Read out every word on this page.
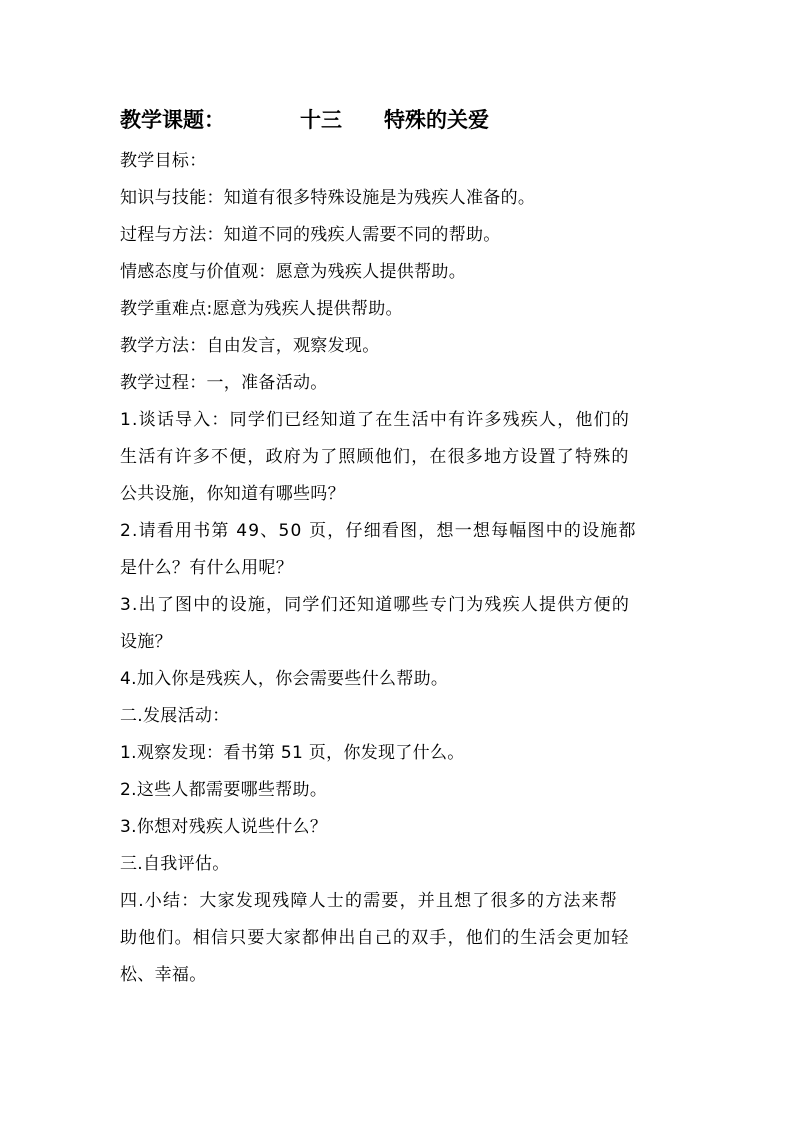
教学课题：	十三 特殊的关爱
教学目标：
知识与技能：知道有很多特殊设施是为残疾人准备的。
过程与方法：知道不同的残疾人需要不同的帮助。
情感态度与价值观：愿意为残疾人提供帮助。
教学重难点:愿意为残疾人提供帮助。
教学方法：自由发言，观察发现。
教学过程：一，准备活动。
1.谈话导入：同学们已经知道了在生活中有许多残疾人，他们的
生活有许多不便，政府为了照顾他们，在很多地方设置了特殊的
公共设施，你知道有哪些吗？
2.请看用书第 49、50 页，仔细看图，想一想每幅图中的设施都
是什么？有什么用呢？
3.出了图中的设施，同学们还知道哪些专门为残疾人提供方便的
设施？
4.加入你是残疾人，你会需要些什么帮助。
二.发展活动：
1.观察发现：看书第 51 页，你发现了什么。
2.这些人都需要哪些帮助。
3.你想对残疾人说些什么？
三.自我评估。
四.小结：大家发现残障人士的需要，并且想了很多的方法来帮
助他们。相信只要大家都伸出自己的双手，他们的生活会更加轻
松、幸福。
